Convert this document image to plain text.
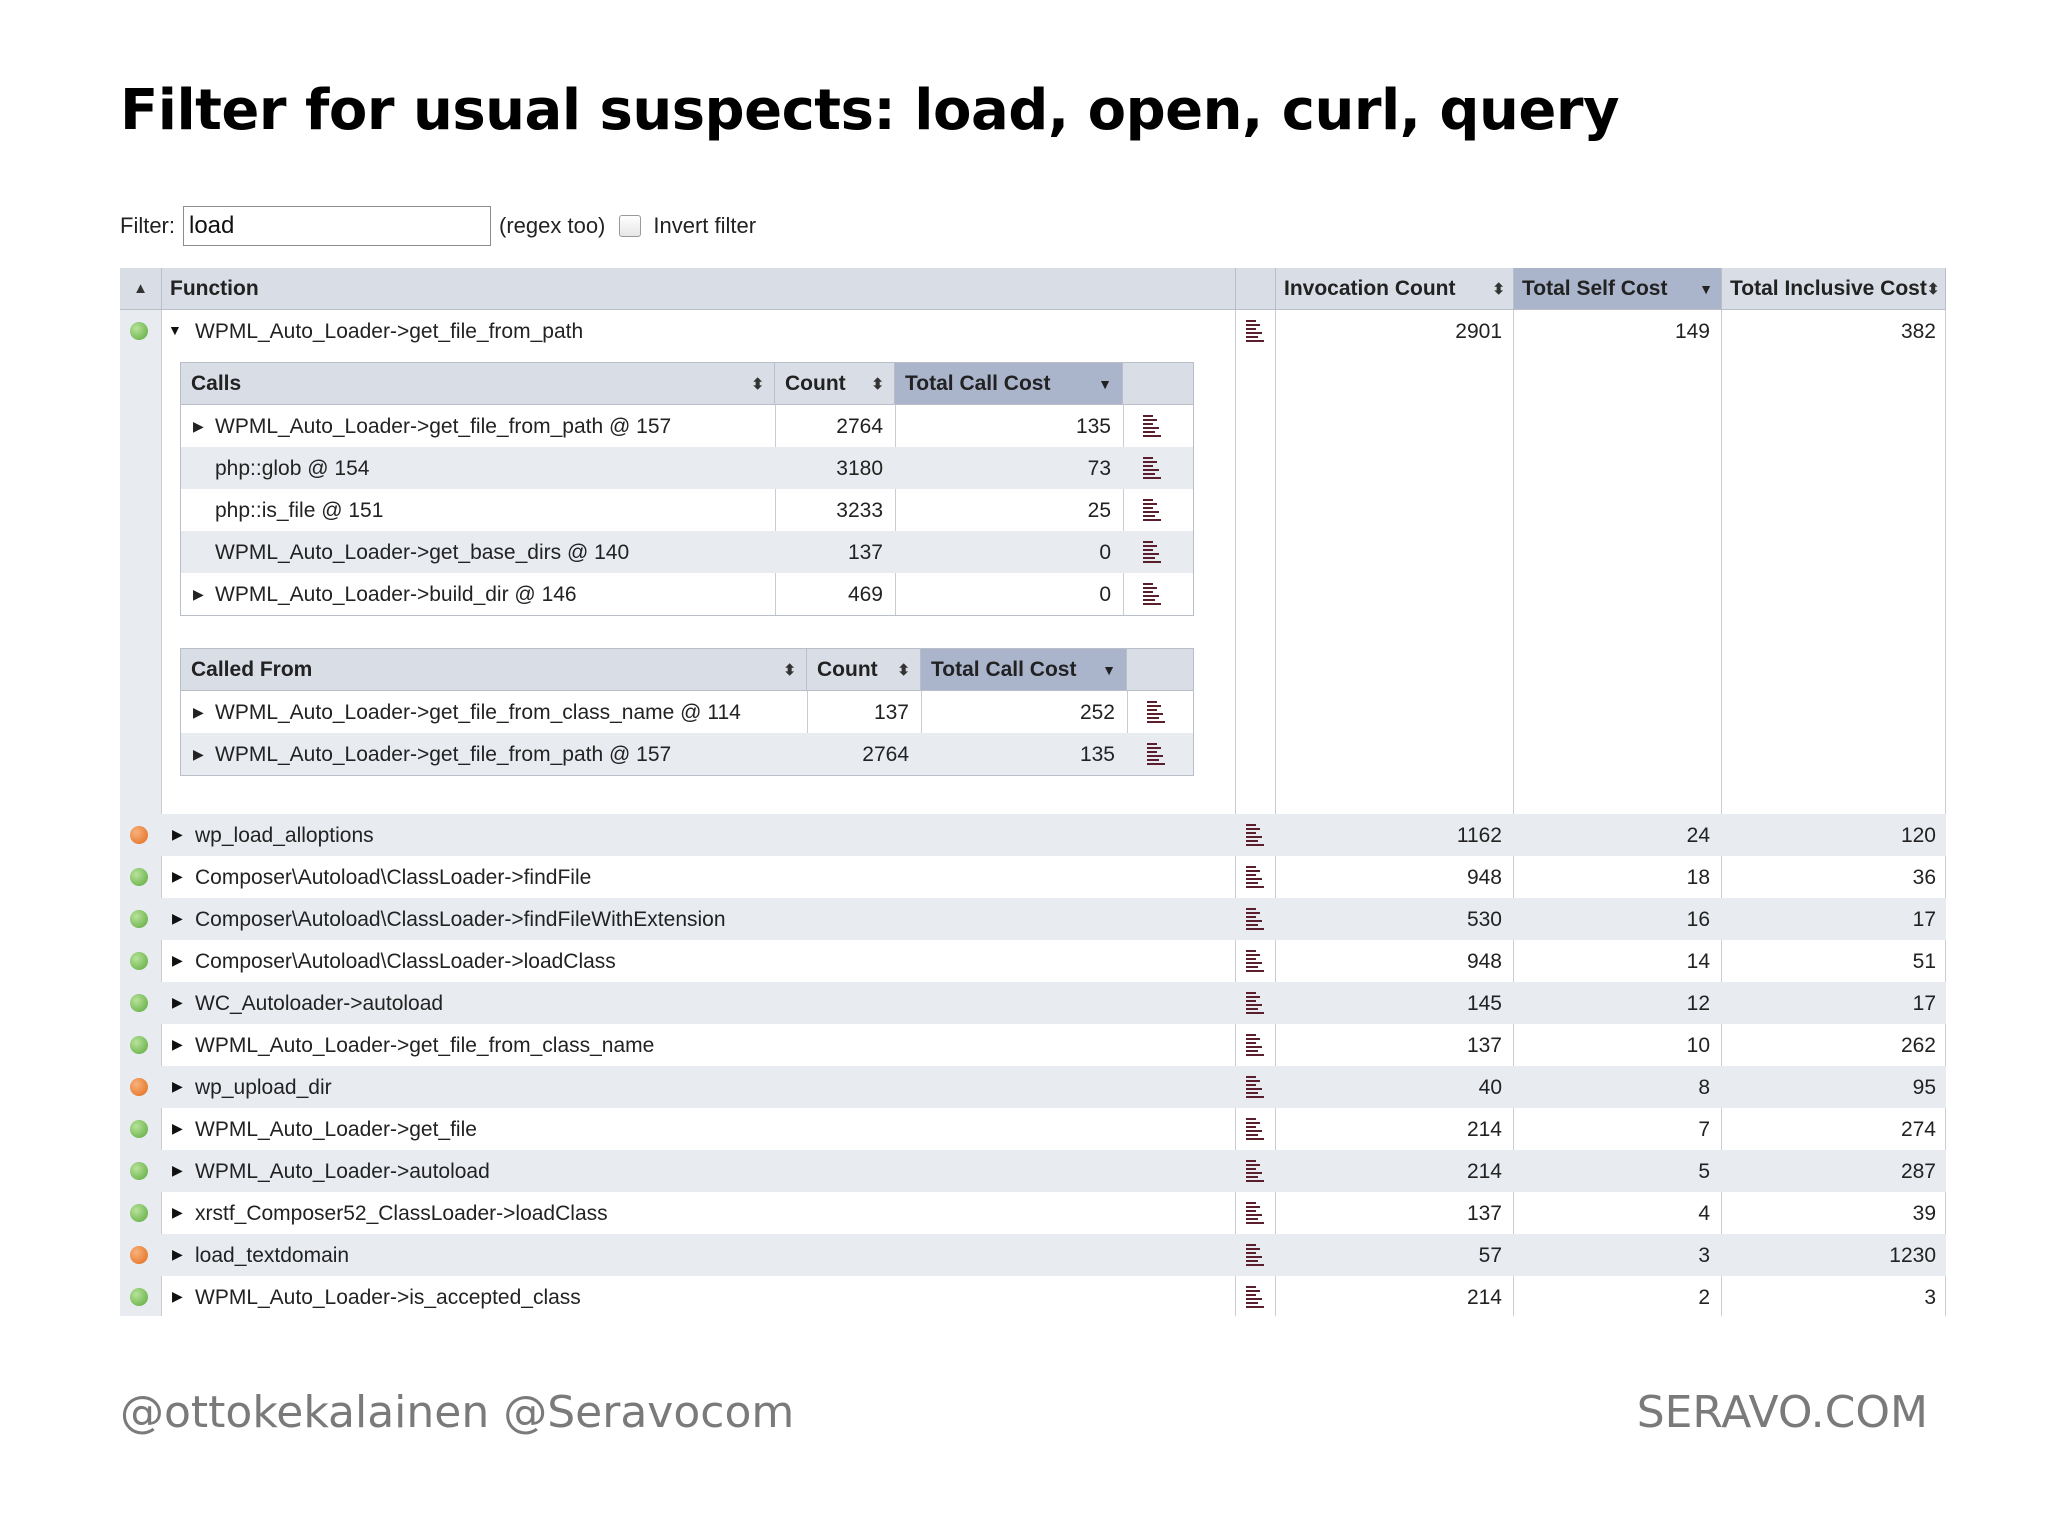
Filter for usual suspects: load, open, curl, query
Filter:
load	(regex too) Invert filter
▲︎ Function	Invocation Count ⬍ Total Self Cost ▼ Total Inclusive Cost ⬍
▼ WPML_Auto_Loader->get_file_from_path	2901	149	382
Calls	⬍ Count ⬍ Total Call Cost	▼
▶ WPML_Auto_Loader->get_file_from_path @ 157	2764	135
php::glob @ 154	3180	73
php::is_file @ 151	3233	25
WPML_Auto_Loader->get_base_dirs @ 140	137	0
▶ WPML_Auto_Loader->build_dir @ 146	469	0
Called From	⬍ Count ⬍ Total Call Cost ▼
▶ WPML_Auto_Loader->get_file_from_class_name @ 114	137	252
▶ WPML_Auto_Loader->get_file_from_path @ 157	2764	135
▶ wp_load_alloptions	1162	24	120
▶ Composer\Autoload\ClassLoader->findFile	948	18	36
▶ Composer\Autoload\ClassLoader->findFileWithExtension	530	16	17
▶ Composer\Autoload\ClassLoader->loadClass	948	14	51
▶ WC_Autoloader->autoload	145	12	17
▶ WPML_Auto_Loader->get_file_from_class_name	137	10	262
▶ wp_upload_dir	40	8	95
▶ WPML_Auto_Loader->get_file	214	7	274
▶ WPML_Auto_Loader->autoload	214	5	287
▶ xrstf_Composer52_ClassLoader->loadClass	137	4	39
▶ load_textdomain	57	3	1230
▶ WPML_Auto_Loader->is_accepted_class	214	2	3
@ottokekalainen @Seravocom	SERAVO.COM
